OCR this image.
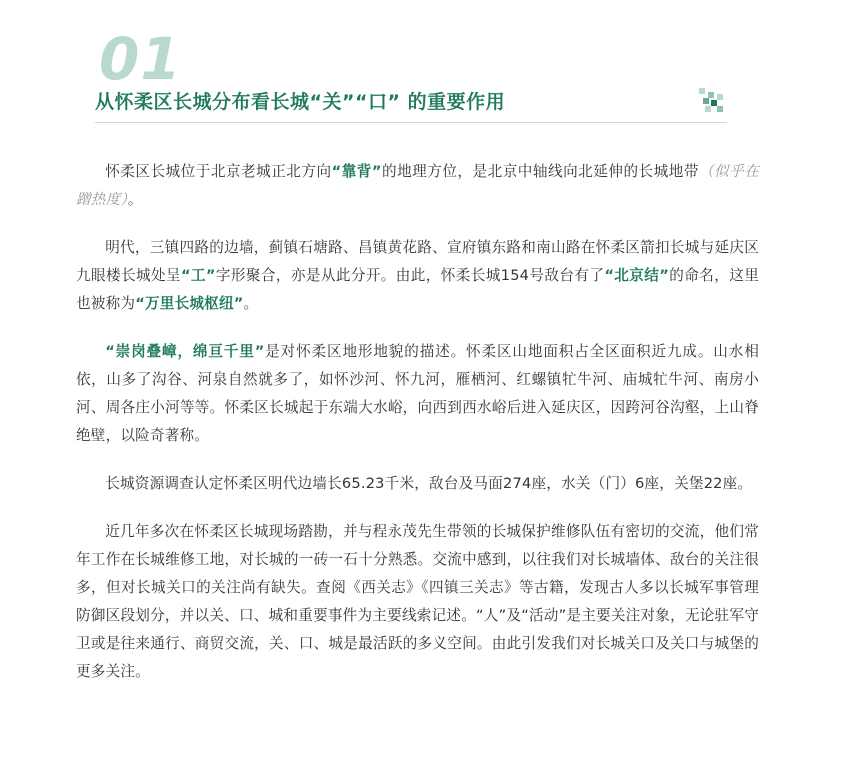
01
从怀柔区长城分布看长城“关”“口” 的重要作用

怀柔区长城位于北京老城正北方向“靠背”的地理方位，是北京中轴线向北延伸的长城地带（似乎在蹭热度）。

明代，三镇四路的边墙，蓟镇石塘路、昌镇黄花路、宣府镇东路和南山路在怀柔区箭扣长城与延庆区九眼楼长城处呈“工”字形聚合，亦是从此分开。由此，怀柔长城154号敌台有了“北京结”的命名，这里也被称为“万里长城枢纽”。

“崇岗叠嶂，绵亘千里”是对怀柔区地形地貌的描述。怀柔区山地面积占全区面积近九成。山水相依，山多了沟谷、河泉自然就多了，如怀沙河、怀九河，雁栖河、红螺镇牤牛河、庙城牤牛河、南房小河、周各庄小河等等。怀柔区长城起于东端大水峪，向西到西水峪后进入延庆区，因跨河谷沟壑，上山脊绝壁，以险奇著称。

长城资源调查认定怀柔区明代边墙长65.23千米，敌台及马面274座，水关（门）6座，关堡22座。

近几年多次在怀柔区长城现场踏勘，并与程永茂先生带领的长城保护维修队伍有密切的交流，他们常年工作在长城维修工地，对长城的一砖一石十分熟悉。交流中感到，以往我们对长城墙体、敌台的关注很多，但对长城关口的关注尚有缺失。查阅《西关志》《四镇三关志》等古籍，发现古人多以长城军事管理防御区段划分，并以关、口、城和重要事件为主要线索记述。“人”及“活动”是主要关注对象，无论驻军守卫或是往来通行、商贸交流，关、口、城是最活跃的多义空间。由此引发我们对长城关口及关口与城堡的更多关注。
